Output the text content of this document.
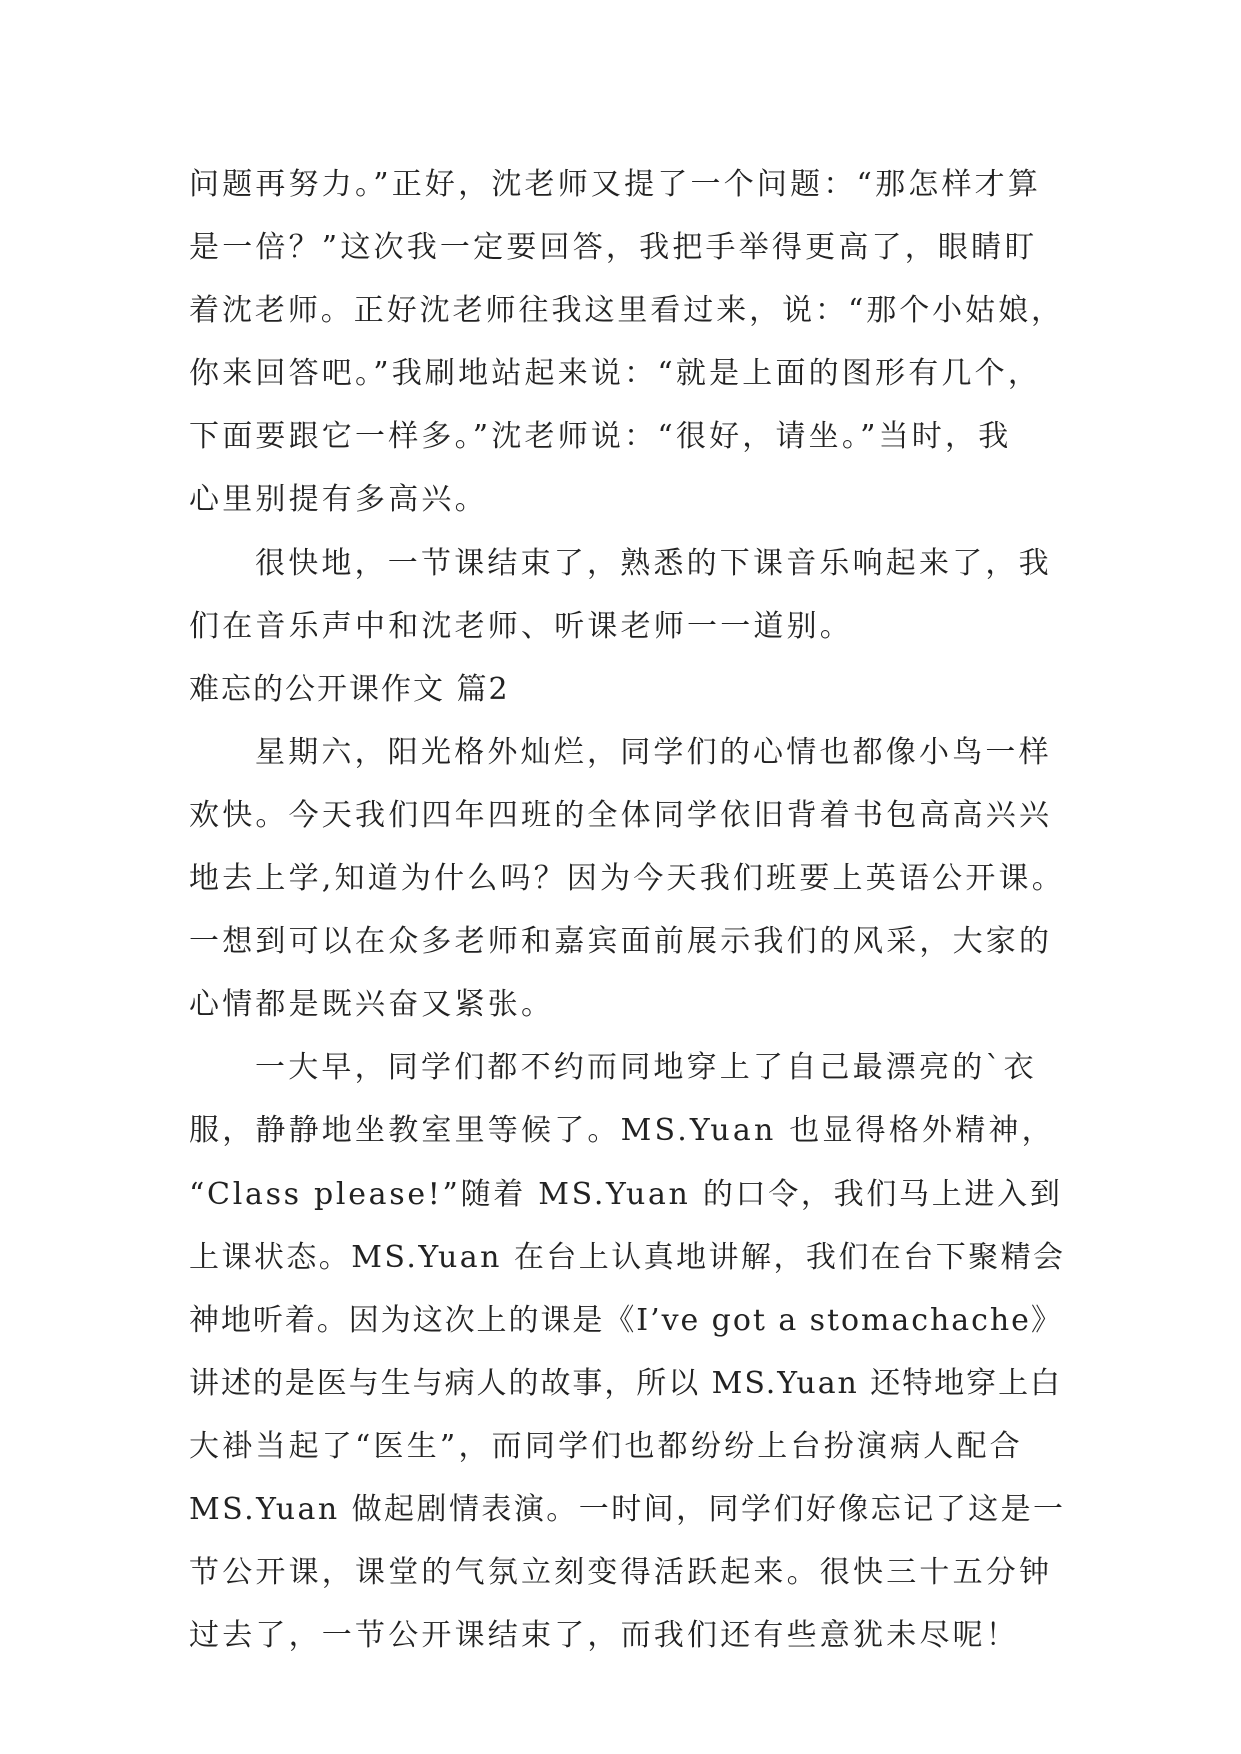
问题再努力。”正好，沈老师又提了一个问题：“那怎样才算
是一倍？”这次我一定要回答，我把手举得更高了，眼睛盯
着沈老师。正好沈老师往我这里看过来，说：“那个小姑娘，
你来回答吧。”我刷地站起来说：“就是上面的图形有几个，
下面要跟它一样多。”沈老师说：“很好，请坐。”当时，我
心里别提有多高兴。
很快地，一节课结束了，熟悉的下课音乐响起来了，我
们在音乐声中和沈老师、听课老师一一道别。
难忘的公开课作文 篇2
星期六，阳光格外灿烂，同学们的心情也都像小鸟一样
欢快。今天我们四年四班的全体同学依旧背着书包高高兴兴
地去上学,知道为什么吗？因为今天我们班要上英语公开课。
一想到可以在众多老师和嘉宾面前展示我们的风采，大家的
心情都是既兴奋又紧张。
一大早，同学们都不约而同地穿上了自己最漂亮的`衣
服，静静地坐教室里等候了。MS.Yuan 也显得格外精神，
“Class please!”随着 MS.Yuan 的口令，我们马上进入到
上课状态。MS.Yuan 在台上认真地讲解，我们在台下聚精会
神地听着。因为这次上的课是《I’ve got a stomachache》
讲述的是医与生与病人的故事，所以 MS.Yuan 还特地穿上白
大褂当起了“医生”，而同学们也都纷纷上台扮演病人配合
MS.Yuan 做起剧情表演。一时间，同学们好像忘记了这是一
节公开课，课堂的气氛立刻变得活跃起来。很快三十五分钟
过去了，一节公开课结束了，而我们还有些意犹未尽呢！
